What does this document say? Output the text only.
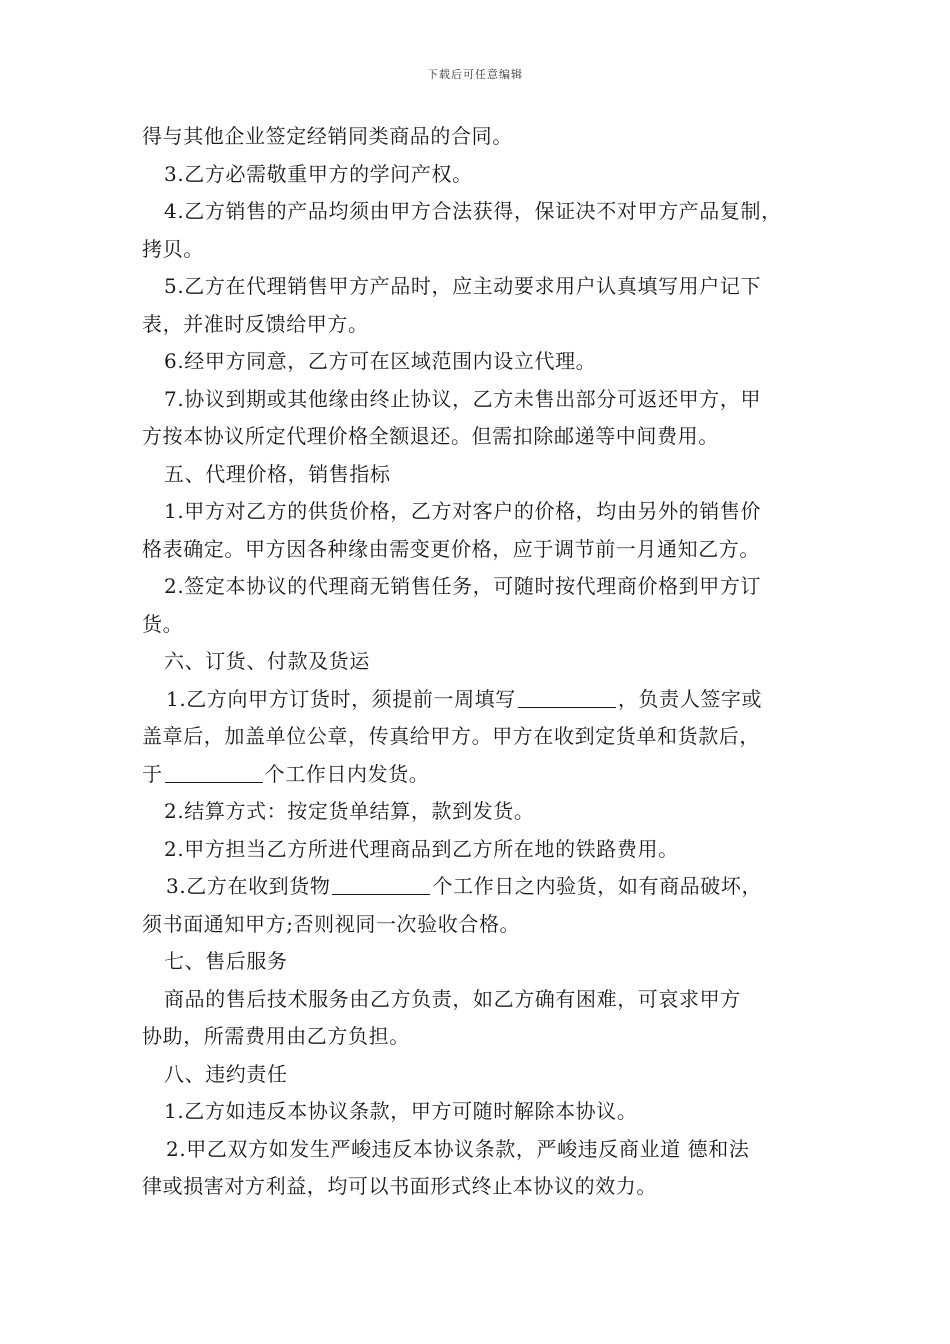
下载后可任意编辑
得与其他企业签定经销同类商品的合同。
3.乙方必需敬重甲方的学问产权。
4.乙方销售的产品均须由甲方合法获得，保证决不对甲方产品复制，
拷贝。
5.乙方在代理销售甲方产品时，应主动要求用户认真填写用户记下
表，并准时反馈给甲方。
6.经甲方同意，乙方可在区域范围内设立代理。
7.协议到期或其他缘由终止协议，乙方未售出部分可返还甲方，甲
方按本协议所定代理价格全额退还。但需扣除邮递等中间费用。
五、代理价格，销售指标
1.甲方对乙方的供货价格，乙方对客户的价格，均由另外的销售价
格表确定。甲方因各种缘由需变更价格，应于调节前一月通知乙方。
2.签定本协议的代理商无销售任务，可随时按代理商价格到甲方订
货。
六、订货、付款及货运
1.乙方向甲方订货时，须提前一周填写	，负责人签字或
盖章后，加盖单位公章，传真给甲方。甲方在收到定货单和货款后，
于	个工作日内发货。
2.结算方式：按定货单结算，款到发货。
2.甲方担当乙方所进代理商品到乙方所在地的铁路费用。
3.乙方在收到货物	个工作日之内验货，如有商品破坏，
须书面通知甲方;否则视同一次验收合格。
七、售后服务
商品的售后技术服务由乙方负责，如乙方确有困难，可哀求甲方
协助，所需费用由乙方负担。
八、违约责任
1.乙方如违反本协议条款，甲方可随时解除本协议。
2.甲乙双方如发生严峻违反本协议条款，严峻违反商业道 德和法
律或损害对方利益，均可以书面形式终止本协议的效力。
